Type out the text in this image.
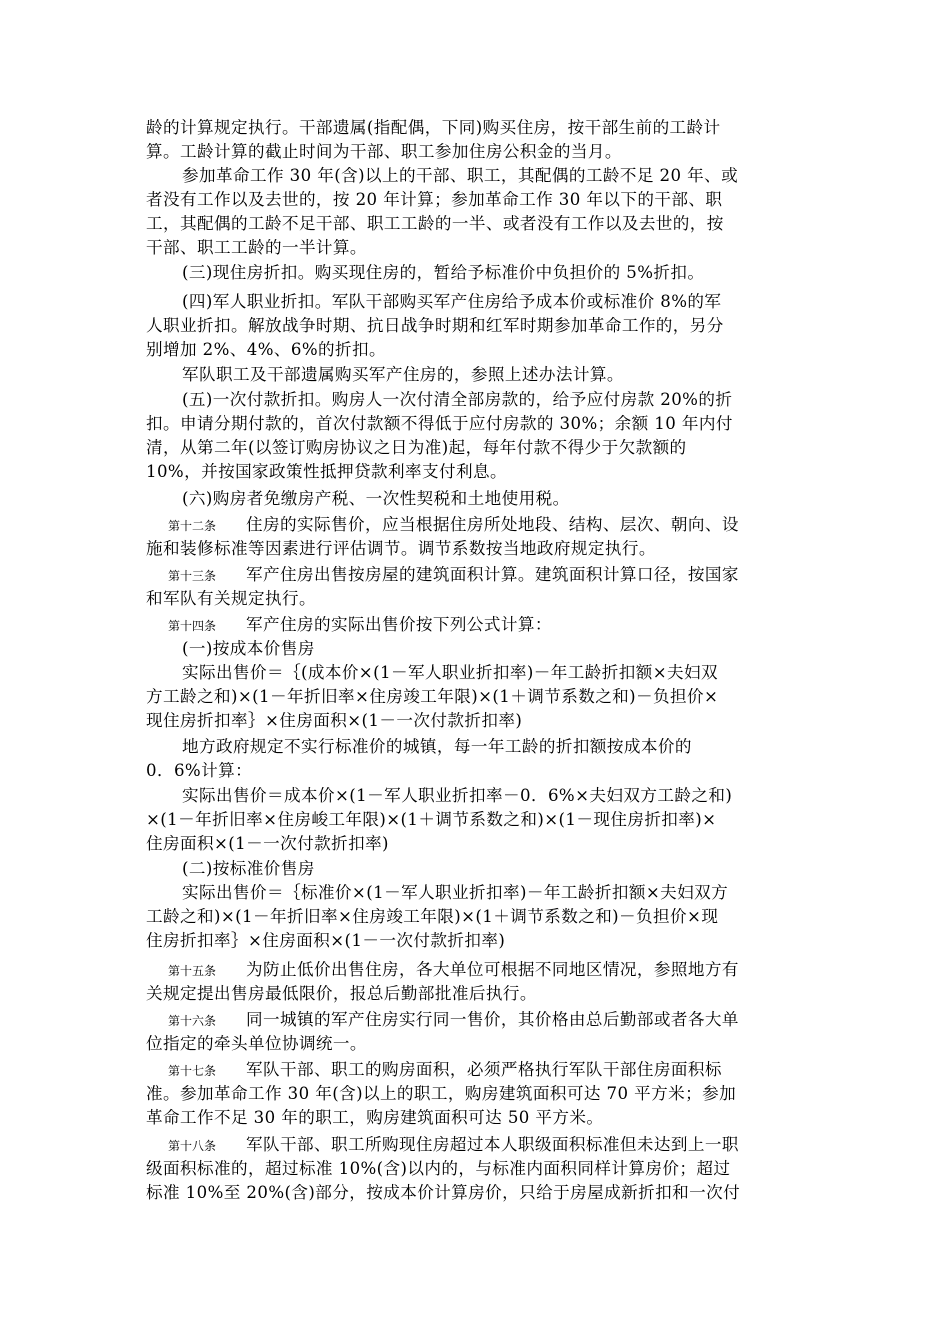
龄的计算规定执行。干部遗属(指配偶，下同)购买住房，按干部生前的工龄计
算。工龄计算的截止时间为干部、职工参加住房公积金的当月。
参加革命工作 30 年(含)以上的干部、职工，其配偶的工龄不足 20 年、或
者没有工作以及去世的，按 20 年计算；参加革命工作 30 年以下的干部、职
工，其配偶的工龄不足干部、职工工龄的一半、或者没有工作以及去世的，按
干部、职工工龄的一半计算。
(三)现住房折扣。购买现住房的，暂给予标准价中负担价的 5%折扣。
(四)军人职业折扣。军队干部购买军产住房给予成本价或标准价 8%的军
人职业折扣。解放战争时期、抗日战争时期和红军时期参加革命工作的，另分
别增加 2%、4%、6%的折扣。
军队职工及干部遗属购买军产住房的，参照上述办法计算。
(五)一次付款折扣。购房人一次付清全部房款的，给予应付房款 20%的折
扣。申请分期付款的，首次付款额不得低于应付房款的 30%；余额 10 年内付
清，从第二年(以签订购房协议之日为准)起，每年付款不得少于欠款额的
10%，并按国家政策性抵押贷款利率支付利息。
(六)购房者免缴房产税、一次性契税和土地使用税。
第十二条 住房的实际售价，应当根据住房所处地段、结构、层次、朝向、设
施和装修标准等因素进行评估调节。调节系数按当地政府规定执行。
第十三条 军产住房出售按房屋的建筑面积计算。建筑面积计算口径，按国家
和军队有关规定执行。
第十四条 军产住房的实际出售价按下列公式计算：
(一)按成本价售房
实际出售价＝｛(成本价×(1－军人职业折扣率)－年工龄折扣额×夫妇双
方工龄之和)×(1－年折旧率×住房竣工年限)×(1＋调节系数之和)－负担价×
现住房折扣率｝×住房面积×(1－一次付款折扣率)
地方政府规定不实行标准价的城镇，每一年工龄的折扣额按成本价的
0．6%计算：
实际出售价＝成本价×(1－军人职业折扣率－0．6%×夫妇双方工龄之和)
×(1－年折旧率×住房峻工年限)×(1＋调节系数之和)×(1－现住房折扣率)×
住房面积×(1－一次付款折扣率)
(二)按标准价售房
实际出售价＝｛标准价×(1－军人职业折扣率)－年工龄折扣额×夫妇双方
工龄之和)×(1－年折旧率×住房竣工年限)×(1＋调节系数之和)－负担价×现
住房折扣率｝×住房面积×(1－一次付款折扣率)
第十五条 为防止低价出售住房，各大单位可根据不同地区情况，参照地方有
关规定提出售房最低限价，报总后勤部批准后执行。
第十六条 同一城镇的军产住房实行同一售价，其价格由总后勤部或者各大单
位指定的牵头单位协调统一。
第十七条 军队干部、职工的购房面积，必须严格执行军队干部住房面积标
准。参加革命工作 30 年(含)以上的职工，购房建筑面积可达 70 平方米；参加
革命工作不足 30 年的职工，购房建筑面积可达 50 平方米。
第十八条 军队干部、职工所购现住房超过本人职级面积标准但未达到上一职
级面积标准的，超过标准 10%(含)以内的，与标准内面积同样计算房价；超过
标准 10%至 20%(含)部分，按成本价计算房价，只给于房屋成新折扣和一次付
